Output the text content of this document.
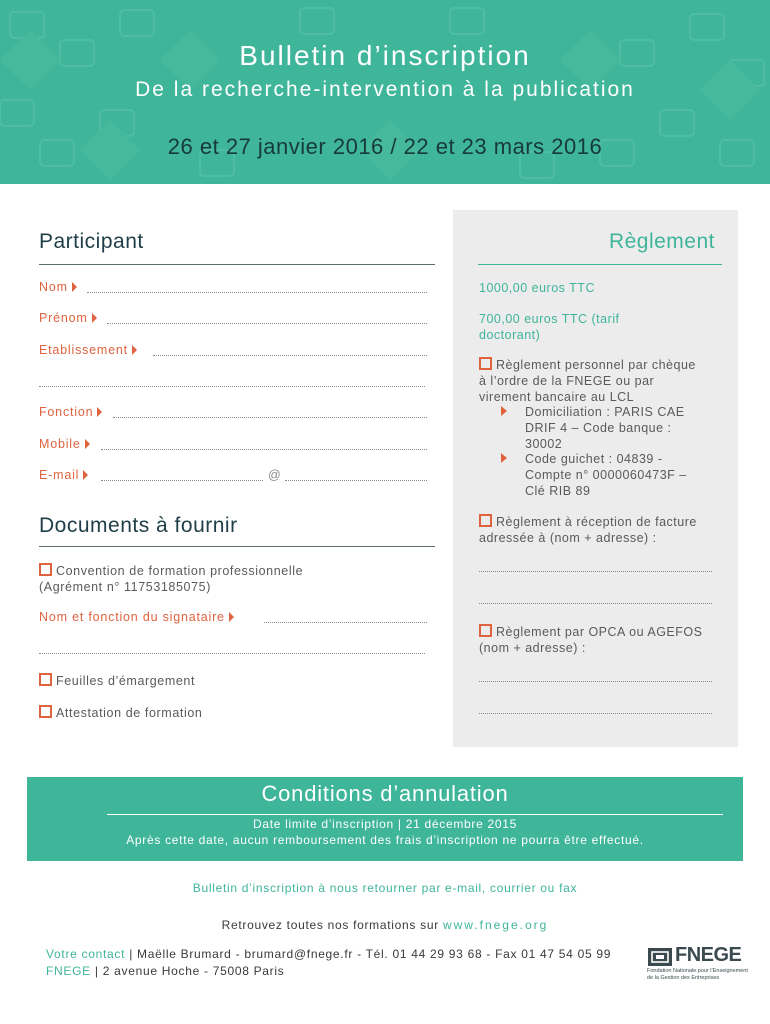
Bulletin d’inscription
De la recherche-intervention à la publication
26 et 27 janvier 2016 / 22 et 23 mars 2016
Participant
Nom
Prénom
Etablissement
Fonction
Mobile
E-mail	@
Documents à fournir
Convention de formation professionnelle
(Agrément n° 11753185075)
Nom et fonction du signataire
Feuilles d’émargement
Attestation de formation
Règlement
1000,00 euros TTC
700,00 euros TTC (tarif
doctorant)
Règlement personnel par chèque
à l’ordre de la FNEGE ou par
virement bancaire au LCL
Domiciliation : PARIS CAE
DRIF 4 – Code banque :
30002
Code guichet : 04839 -
Compte n° 0000060473F –
Clé RIB 89
Règlement à réception de facture
adressée à (nom + adresse) :
Règlement par OPCA ou AGEFOS
(nom + adresse) :
Conditions d’annulation
Date limite d’inscription | 21 décembre 2015
Après cette date, aucun remboursement des frais d’inscription ne pourra être effectué.
Bulletin d’inscription à nous retourner par e-mail, courrier ou fax
Retrouvez toutes nos formations sur www.fnege.org
Votre contact | Maëlle Brumard - brumard@fnege.fr - Tél. 01 44 29 93 68 - Fax 01 47 54 05 99
FNEGE | 2 avenue Hoche - 75008 Paris
FNEGE
Fondation Nationale pour l’Enseignement
de la Gestion des Entreprises
